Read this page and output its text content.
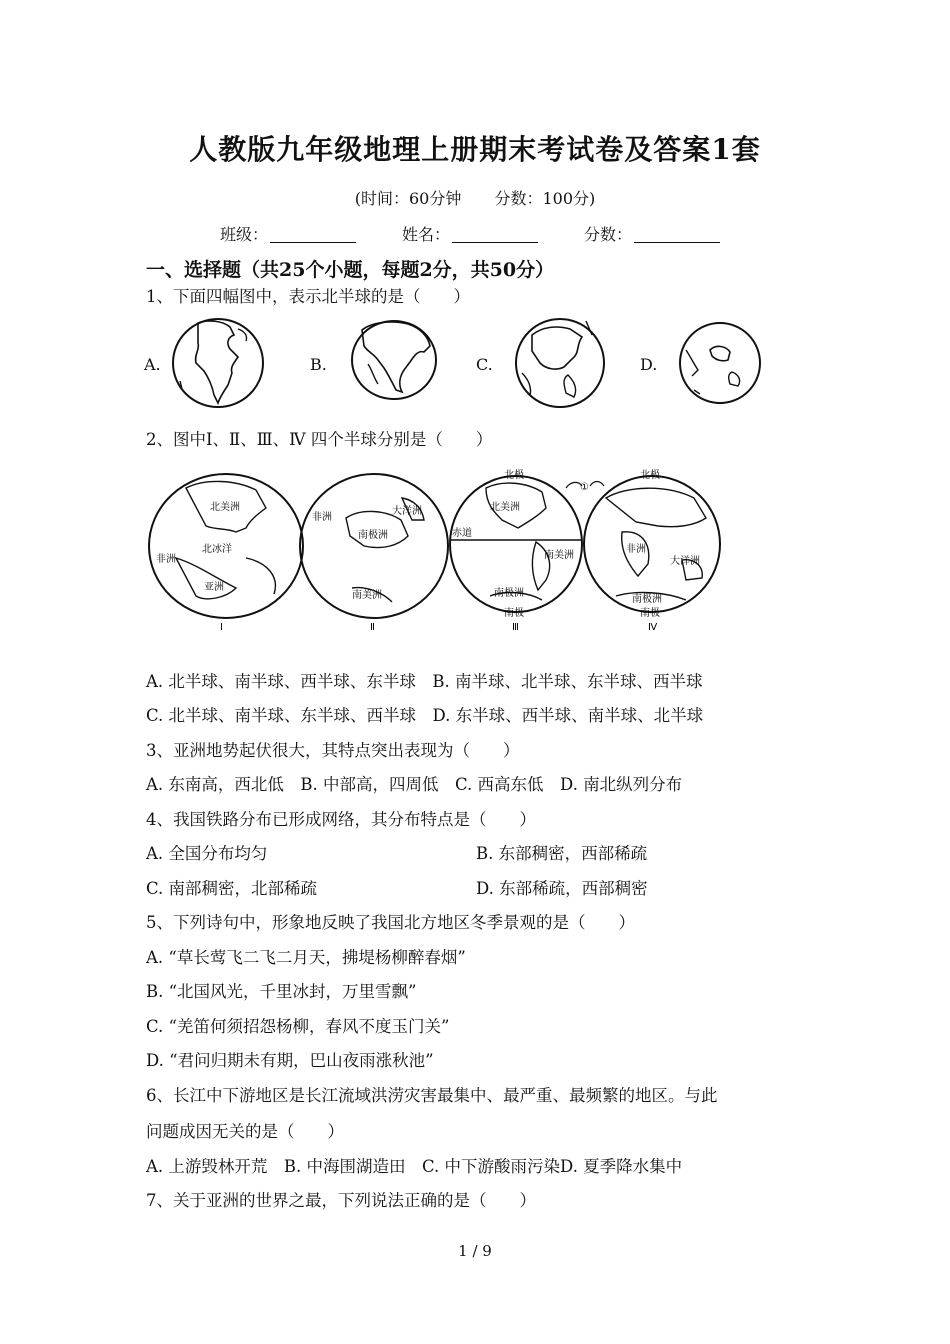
人教版九年级地理上册期末考试卷及答案1套
(时间：60分钟 分数：100分)
班级：	姓名：	分数：
一、选择题（共25个小题，每题2分，共50分）
1、下面四幅图中，表示北半球的是（　　）
A.	B.	C.	D.
2、图中Ⅰ、Ⅱ、Ⅲ、Ⅳ 四个半球分别是（　　）
北美洲
北冰洋
非洲
亚洲
Ⅰ
大洋洲
南极洲
南美洲
非洲
Ⅱ
北极
北美洲
赤道
南美洲
南极洲
南极
Ⅲ
北极
①
非洲
大洋洲
南极洲
南极
Ⅳ
A. 北半球、南半球、西半球、东半球　B. 南半球、北半球、东半球、西半球
C. 北半球、南半球、东半球、西半球　D. 东半球、西半球、南半球、北半球
3、亚洲地势起伏很大，其特点突出表现为（　　）
A. 东南高，西北低　B. 中部高，四周低　C. 西高东低　D. 南北纵列分布
4、我国铁路分布已形成网络，其分布特点是（　　）
A. 全国分布均匀	B. 东部稠密，西部稀疏
C. 南部稠密，北部稀疏	D. 东部稀疏，西部稠密
5、下列诗句中，形象地反映了我国北方地区冬季景观的是（　　）
A. “草长莺飞二飞二月天，拂堤杨柳醉春烟”
B. “北国风光，千里冰封，万里雪飘”
C. “羌笛何须招怨杨柳，春风不度玉门关”
D. “君问归期未有期，巴山夜雨涨秋池”
6、长江中下游地区是长江流域洪涝灾害最集中、最严重、最频繁的地区。与此
问题成因无关的是（　　）
A. 上游毁林开荒　B. 中海围湖造田　C. 中下游酸雨污染D. 夏季降水集中
7、关于亚洲的世界之最，下列说法正确的是（　　）
1 / 9
